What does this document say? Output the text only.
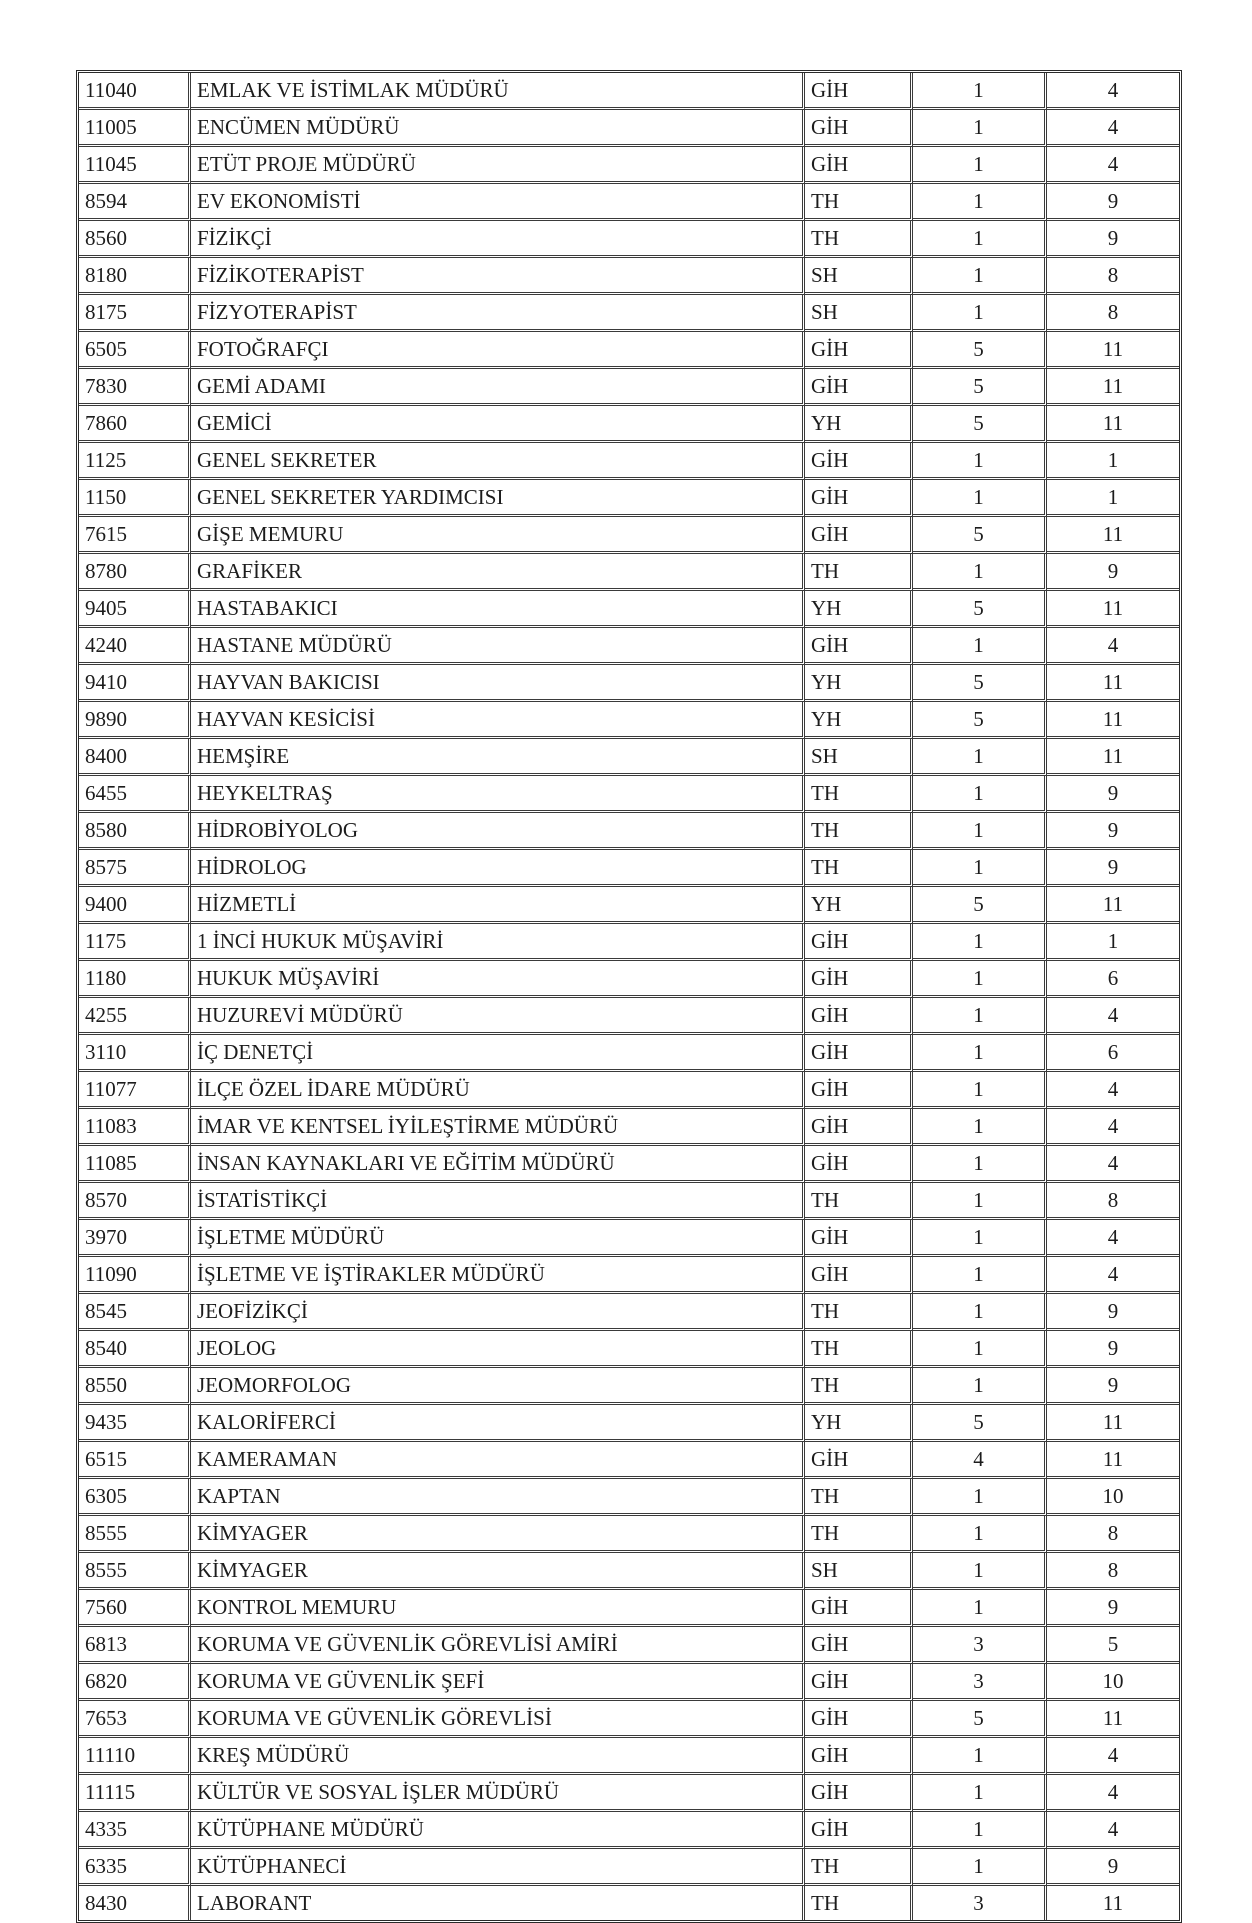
11040	EMLAK VE İSTİMLAK MÜDÜRÜ	GİH	1	4
11005	ENCÜMEN MÜDÜRÜ	GİH	1	4
11045	ETÜT PROJE MÜDÜRÜ	GİH	1	4
8594	EV EKONOMİSTİ	TH	1	9
8560	FİZİKÇİ	TH	1	9
8180	FİZİKOTERAPİST	SH	1	8
8175	FİZYOTERAPİST	SH	1	8
6505	FOTOĞRAFÇI	GİH	5	11
7830	GEMİ ADAMI	GİH	5	11
7860	GEMİCİ	YH	5	11
1125	GENEL SEKRETER	GİH	1	1
1150	GENEL SEKRETER YARDIMCISI	GİH	1	1
7615	GİŞE MEMURU	GİH	5	11
8780	GRAFİKER	TH	1	9
9405	HASTABAKICI	YH	5	11
4240	HASTANE MÜDÜRÜ	GİH	1	4
9410	HAYVAN BAKICISI	YH	5	11
9890	HAYVAN KESİCİSİ	YH	5	11
8400	HEMŞİRE	SH	1	11
6455	HEYKELTRAŞ	TH	1	9
8580	HİDROBİYOLOG	TH	1	9
8575	HİDROLOG	TH	1	9
9400	HİZMETLİ	YH	5	11
1175	1 İNCİ HUKUK MÜŞAVİRİ	GİH	1	1
1180	HUKUK MÜŞAVİRİ	GİH	1	6
4255	HUZUREVİ MÜDÜRÜ	GİH	1	4
3110	İÇ DENETÇİ	GİH	1	6
11077	İLÇE ÖZEL İDARE MÜDÜRÜ	GİH	1	4
11083	İMAR VE KENTSEL İYİLEŞTİRME MÜDÜRÜ	GİH	1	4
11085	İNSAN KAYNAKLARI VE EĞİTİM MÜDÜRÜ	GİH	1	4
8570	İSTATİSTİKÇİ	TH	1	8
3970	İŞLETME MÜDÜRÜ	GİH	1	4
11090	İŞLETME VE İŞTİRAKLER MÜDÜRÜ	GİH	1	4
8545	JEOFİZİKÇİ	TH	1	9
8540	JEOLOG	TH	1	9
8550	JEOMORFOLOG	TH	1	9
9435	KALORİFERCİ	YH	5	11
6515	KAMERAMAN	GİH	4	11
6305	KAPTAN	TH	1	10
8555	KİMYAGER	TH	1	8
8555	KİMYAGER	SH	1	8
7560	KONTROL MEMURU	GİH	1	9
6813	KORUMA VE GÜVENLİK GÖREVLİSİ AMİRİ	GİH	3	5
6820	KORUMA VE GÜVENLİK ŞEFİ	GİH	3	10
7653	KORUMA VE GÜVENLİK GÖREVLİSİ	GİH	5	11
11110	KREŞ MÜDÜRÜ	GİH	1	4
11115	KÜLTÜR VE SOSYAL İŞLER MÜDÜRÜ	GİH	1	4
4335	KÜTÜPHANE MÜDÜRÜ	GİH	1	4
6335	KÜTÜPHANECİ	TH	1	9
8430	LABORANT	TH	3	11
